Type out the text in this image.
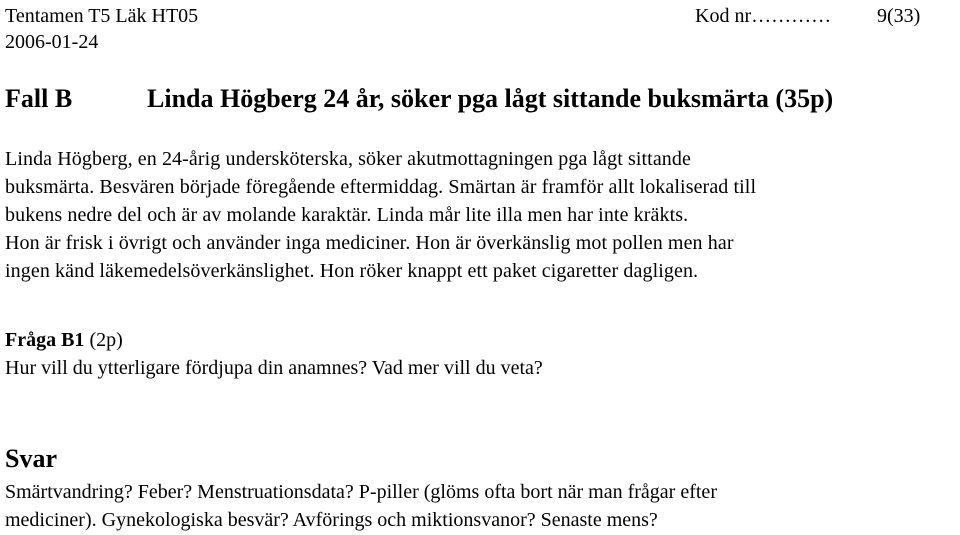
Tentamen T5 Läk HT05	Kod nr………… 9(33)
2006-01-24
Fall B	Linda Högberg 24 år, söker pga lågt sittande buksmärta (35p)
Linda Högberg, en 24-årig undersköterska, söker akutmottagningen pga lågt sittande
buksmärta. Besvären började föregående eftermiddag. Smärtan är framför allt lokaliserad till
bukens nedre del och är av molande karaktär. Linda mår lite illa men har inte kräkts.
Hon är frisk i övrigt och använder inga mediciner. Hon är överkänslig mot pollen men har
ingen känd läkemedelsöverkänslighet. Hon röker knappt ett paket cigaretter dagligen.
Fråga B1 (2p)
Hur vill du ytterligare fördjupa din anamnes? Vad mer vill du veta?
Svar
Smärtvandring? Feber? Menstruationsdata? P-piller (glöms ofta bort när man frågar efter
mediciner). Gynekologiska besvär? Avförings och miktionsvanor? Senaste mens?
